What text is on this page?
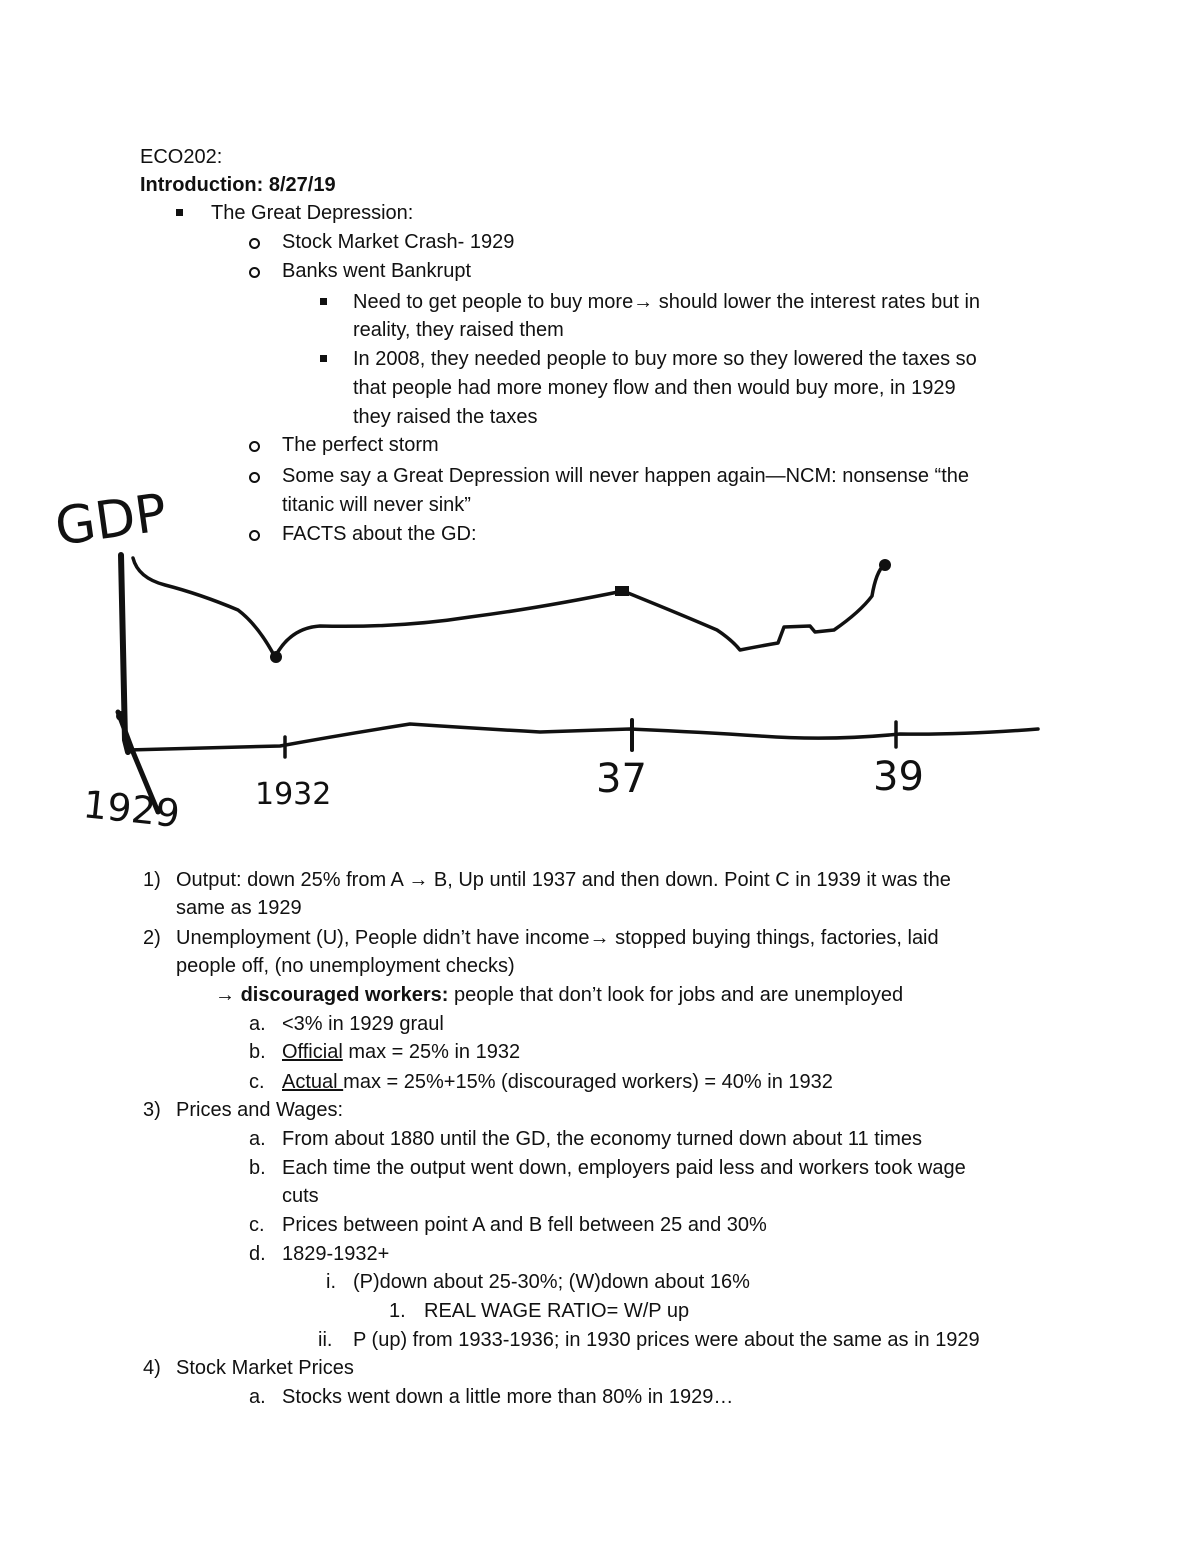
ECO202:
Introduction: 8/27/19
The Great Depression:
Stock Market Crash- 1929
Banks went Bankrupt
Need to get people to buy more→ should lower the interest rates but in
reality, they raised them
In 2008, they needed people to buy more so they lowered the taxes so
that people had more money flow and then would buy more, in 1929
they raised the taxes
The perfect storm
Some say a Great Depression will never happen again—NCM: nonsense “the
titanic will never sink”
FACTS about the GD:
GDP
1929 1932	37	39
1) Output: down 25% from A → B, Up until 1937 and then down. Point C in 1939 it was the
same as 1929
2) Unemployment (U), People didn’t have income→ stopped buying things, factories, laid
people off, (no unemployment checks)
→ discouraged workers: people that don’t look for jobs and are unemployed
a. <3% in 1929 graul
b. Official max = 25% in 1932
c. Actual max = 25%+15% (discouraged workers) = 40% in 1932
3) Prices and Wages:
a. From about 1880 until the GD, the economy turned down about 11 times
b. Each time the output went down, employers paid less and workers took wage
cuts
c. Prices between point A and B fell between 25 and 30%
d. 1829-1932+
i. (P)down about 25-30%; (W)down about 16%
1. REAL WAGE RATIO= W/P up
ii. P (up) from 1933-1936; in 1930 prices were about the same as in 1929
4) Stock Market Prices
a. Stocks went down a little more than 80% in 1929…
